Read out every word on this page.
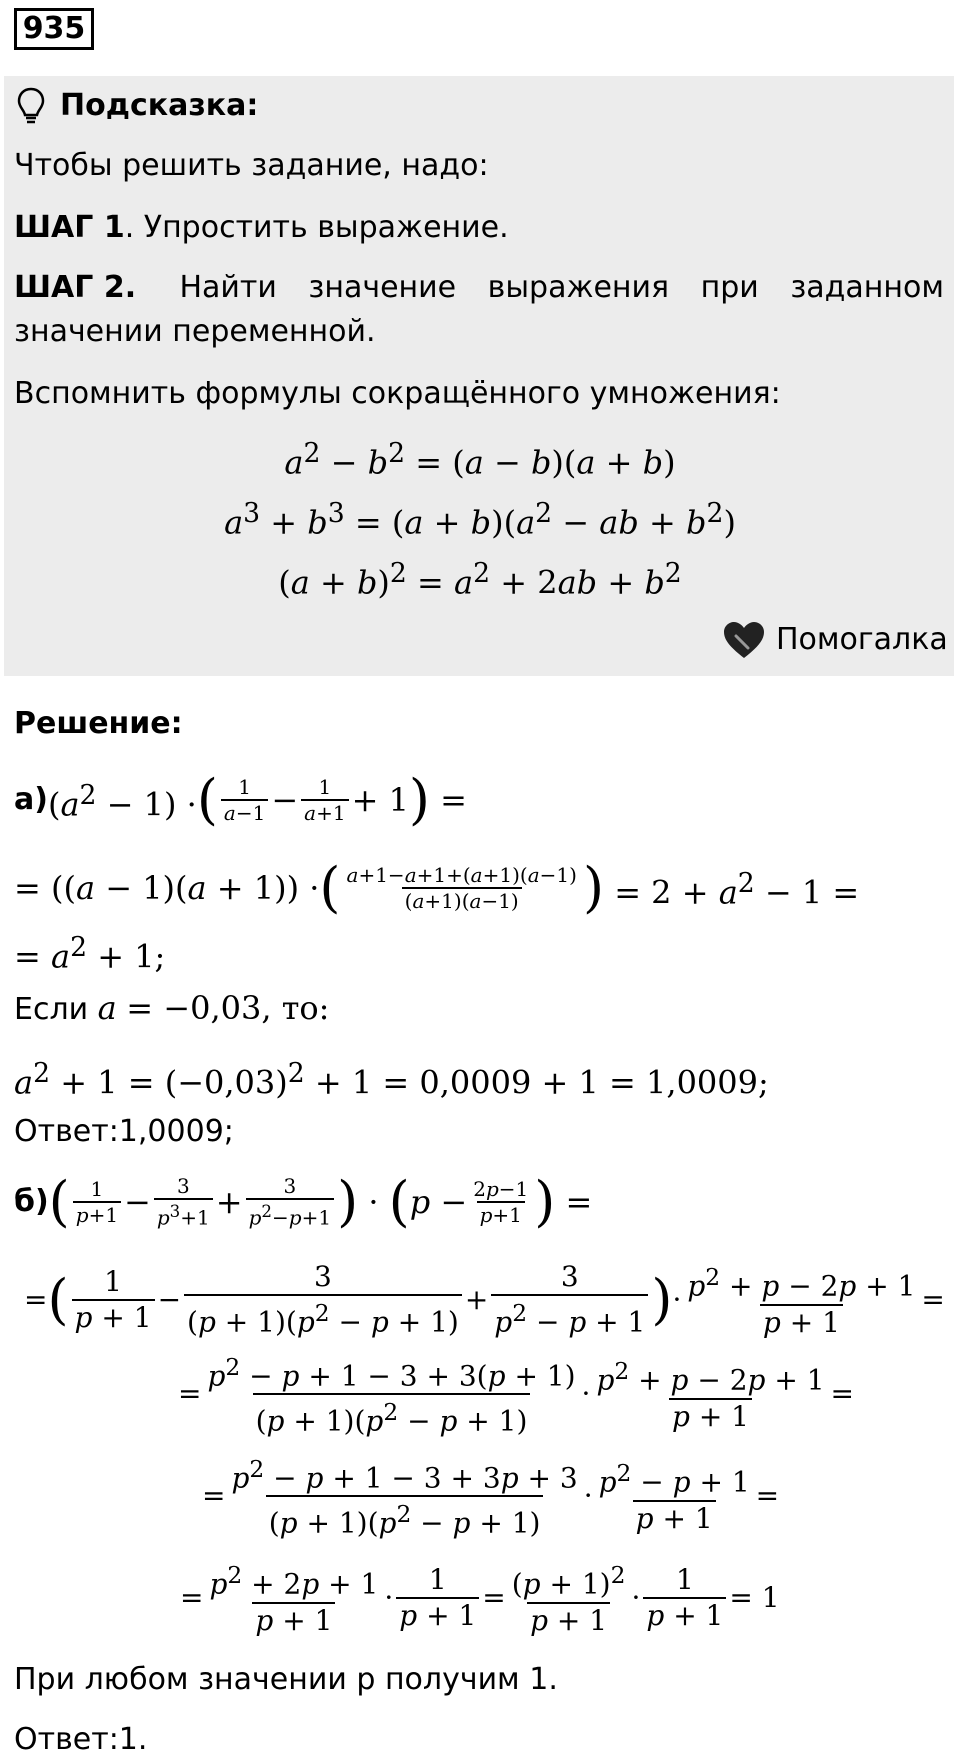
935
Подсказка:
Чтобы решить задание, надо:
ШАГ 1. Упростить выражение.
ШАГ 2. Найти значение выражения при заданном
значении переменной.
Вспомнить формулы сокращённого умножения:
$a^2 - b^2 = (a - b)(a + b)$
$a^3 + b^3 = (a + b)(a^2$ − ab + $b^2$)
$(a + b)^2 = a^2 + 2ab + b^2$
Помогалка
Решение:
а) $(a^2 - 1)$ · ( $\frac{1}{a-1} - \frac{1}{a+1} + 1$ ) =
= ((a − 1)(a + 1)) · ( $\frac{a+1-a+1+(a+1)(a-1)}{(a+1)(a-1)}$ ) = $2 + a^2 - 1$ =
= $a^2 + 1$;
Если a = −0,03, то:
$a^2 + 1 = (-0,03)^2 + 1 = 0,0009 + 1 = 1,0009$;
Ответ:1,0009;
б) ( $\frac{1}{p+1} - \frac{3}{p^3+1} + \frac{3}{p^2-p+1}$ ) · ( $p - \frac{2p-1}{p+1}$ ) =
= ( $\frac{1}{p + 1} - \frac{3}{(p + 1)(p^2 - p + 1)} + \frac{3}{p^2 - p + 1}$ ) · $\frac{p^2 + p - 2p + 1}{p + 1}$ =
= $\frac{p^2 - p + 1 - 3 + 3(p + 1)}{(p + 1)(p^2 - p + 1)} \cdot \frac{p^2 + p - 2p + 1}{p + 1}$ =
= $\frac{p^2 - p + 1 - 3 + 3p + 3}{(p + 1)(p^2 - p + 1)} \cdot \frac{p^2 - p + 1}{p + 1}$ =
= $\frac{p^2 + 2p + 1}{p + 1} \cdot \frac{1}{p + 1} = \frac{(p + 1)^2}{p + 1} \cdot \frac{1}{p + 1} = 1$
При любом значении р получим 1.
Ответ:1.
